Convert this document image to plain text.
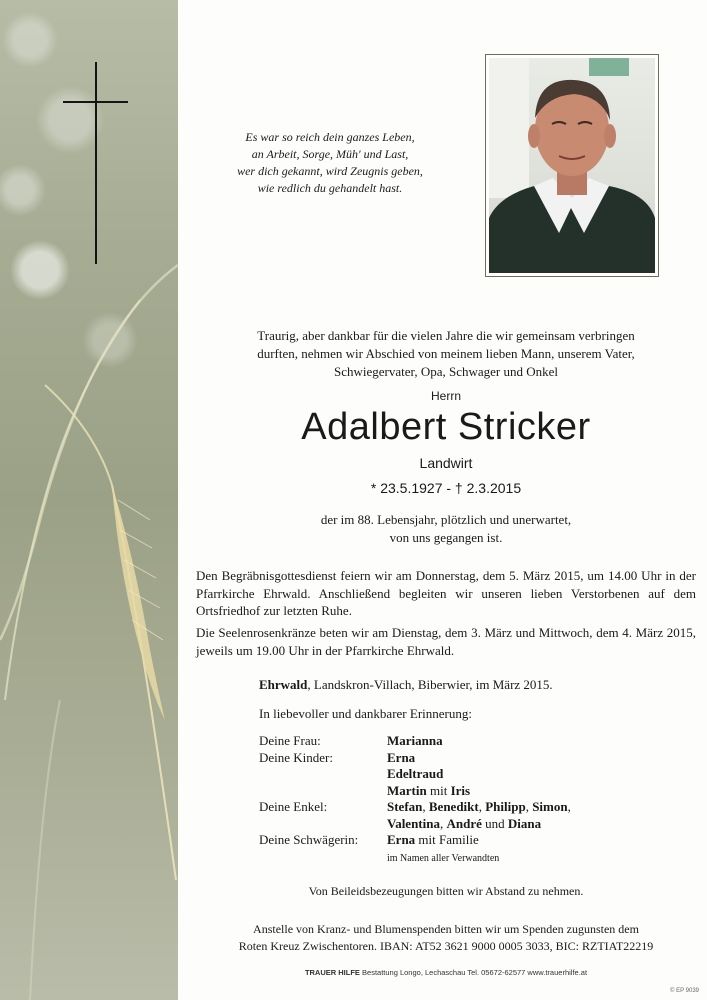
Es war so reich dein ganzes Leben,
an Arbeit, Sorge, Müh' und Last,
wer dich gekannt, wird Zeugnis geben,
wie redlich du gehandelt hast.
Traurig, aber dankbar für die vielen Jahre die wir gemeinsam verbringen
durften, nehmen wir Abschied von meinem lieben Mann, unserem Vater,
Schwiegervater, Opa, Schwager und Onkel
Herrn
Adalbert Stricker
Landwirt
* 23.5.1927 - † 2.3.2015
der im 88. Lebensjahr, plötzlich und unerwartet,
von uns gegangen ist.
Den Begräbnisgottesdienst feiern wir am Donnerstag, dem 5. März 2015, um 14.00 Uhr in der Pfarrkirche Ehrwald. Anschließend begleiten wir unseren lieben Verstorbenen auf dem Ortsfriedhof zur letzten Ruhe.
Die Seelenrosenkränze beten wir am Dienstag, dem 3. März und Mittwoch, dem 4. März 2015, jeweils um 19.00 Uhr in der Pfarrkirche Ehrwald.
Ehrwald, Landskron-Villach, Biberwier, im März 2015.
In liebevoller und dankbarer Erinnerung:
Deine Frau:	Marianna
Deine Kinder:	Erna
Edeltraud
Martin mit Iris
Deine Enkel:	Stefan, Benedikt, Philipp, Simon,
Valentina, André und Diana
Deine Schwägerin:	Erna mit Familie
im Namen aller Verwandten
Von Beileidsbezeugungen bitten wir Abstand zu nehmen.
Anstelle von Kranz- und Blumenspenden bitten wir um Spenden zugunsten dem
Roten Kreuz Zwischentoren. IBAN: AT52 3621 9000 0005 3033, BIC: RZTIAT22219
TRAUER HILFE Bestattung Longo, Lechaschau Tel. 05672-62577 www.trauerhilfe.at
© EP 9039
